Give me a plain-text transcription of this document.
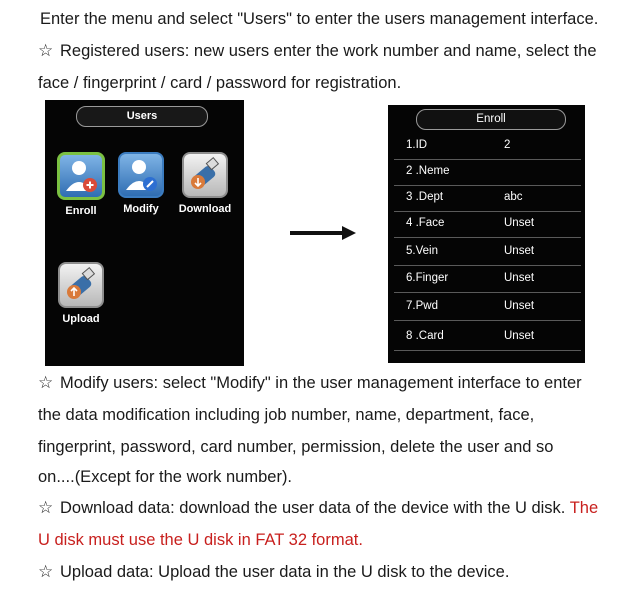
Enter the menu and select "Users" to enter the users management interface.
☆ Registered users: new users enter the work number and name, select the
face / fingerprint / card / password for registration.
Users
Enroll	Modify	Download
Upload
Enroll
1.ID	2
2 .Neme
3 .Dept	abc
4 .Face	Unset
5.Vein	Unset
6.Finger	Unset
7.Pwd	Unset
8 .Card	Unset
☆ Modify users: select "Modify" in the user management interface to enter
the data modification including job number, name, department, face,
fingerprint, password, card number, permission, delete the user and so
on....(Except for the work number).
☆ Download data: download the user data of the device with the U disk. The
U disk must use the U disk in FAT 32 format.
☆ Upload data: Upload the user data in the U disk to the device.
